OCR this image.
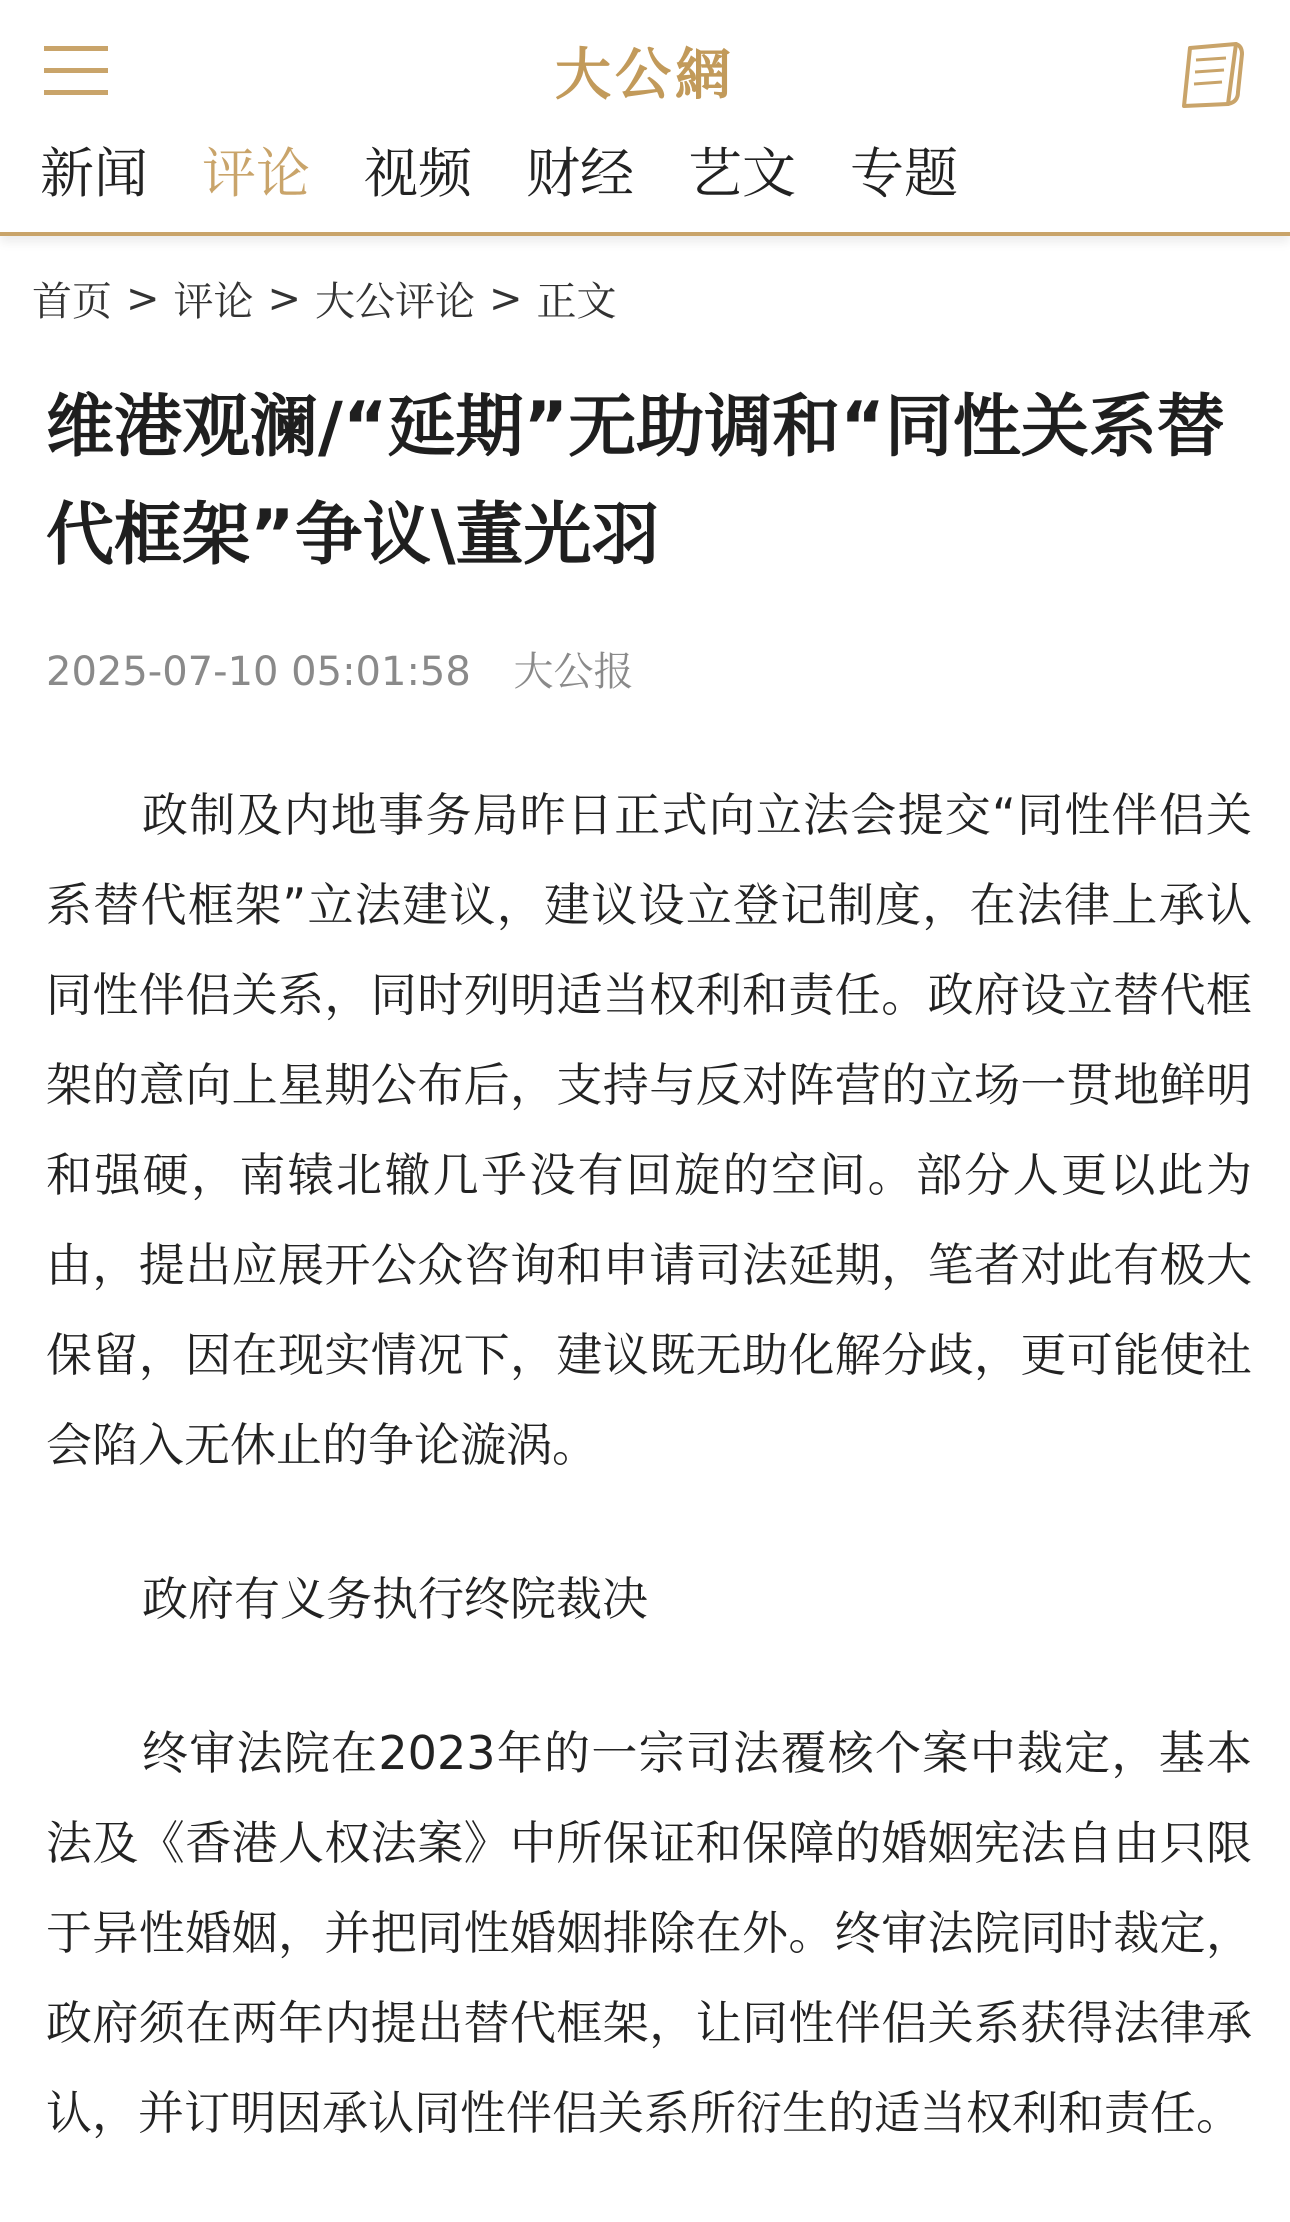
大公網
新闻 评论 视频 财经 艺文 专题
首页 > 评论 > 大公评论 > 正文
维港观澜/“延期”无助调和“同性关系替代框架”争议\董光羽
2025-07-10 05:01:58 大公报

政制及内地事务局昨日正式向立法会提交“同性伴侣关系替代框架”立法建议，建议设立登记制度，在法律上承认同性伴侣关系，同时列明适当权利和责任。政府设立替代框架的意向上星期公布后，支持与反对阵营的立场一贯地鲜明和强硬，南辕北辙几乎没有回旋的空间。部分人更以此为由，提出应展开公众咨询和申请司法延期，笔者对此有极大保留，因在现实情况下，建议既无助化解分歧，更可能使社会陷入无休止的争论漩涡。

政府有义务执行终院裁决

终审法院在2023年的一宗司法覆核个案中裁定，基本法及《香港人权法案》中所保证和保障的婚姻宪法自由只限于异性婚姻，并把同性婚姻排除在外。终审法院同时裁定，政府须在两年内提出替代框架，让同性伴侣关系获得法律承认，并订明因承认同性伴侣关系所衍生的适当权利和责任。
